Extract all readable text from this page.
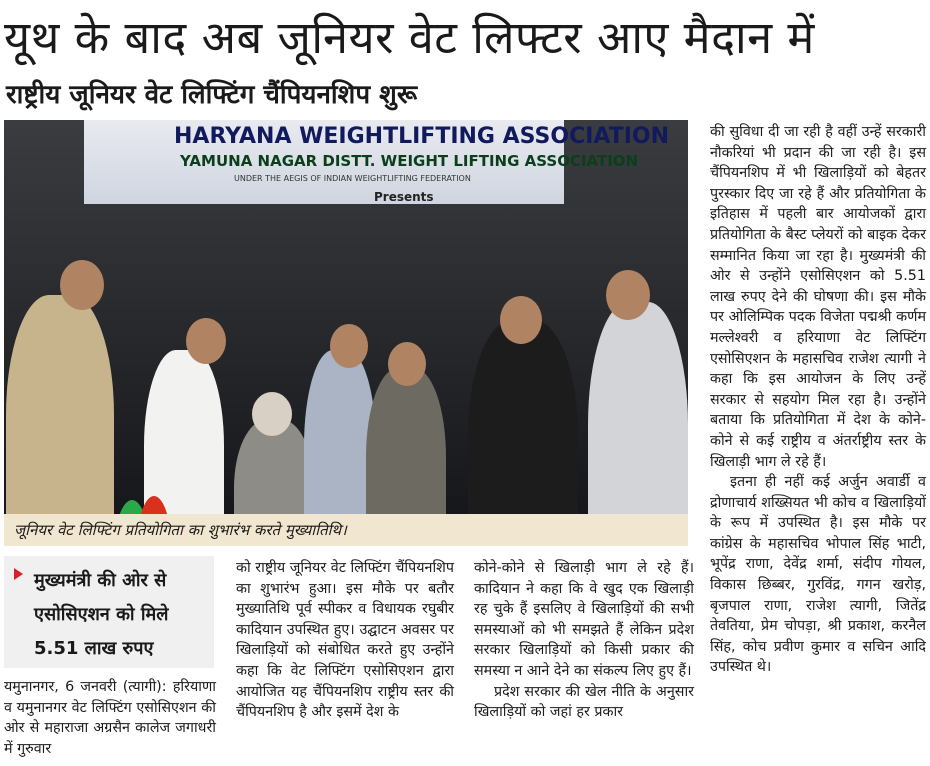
यूथ के बाद अब जूनियर वेट लिफ्टर आए मैदान में
राष्ट्रीय जूनियर वेट लिफ्टिंग चैंपियनशिप शुरू
HARYANA WEIGHTLIFTING ASSOCIATION
YAMUNA NAGAR DISTT. WEIGHT LIFTING ASSOCIATION
UNDER THE AEGIS OF INDIAN WEIGHTLIFTING FEDERATION
Presents
जूनियर वेट लिफ्टिंग प्रतियोगिता का शुभारंभ करते मुख्यातिथि।
मुख्यमंत्री की ओर से
एसोसिएशन को मिले
5.51 लाख रुपए

यमुनानगर, 6 जनवरी (त्यागी): हरियाणा व यमुनानगर वेट लिफ्टिंग एसोसिएशन की ओर से महाराजा अग्रसैन कालेज जगाधरी में गुरुवार

को राष्ट्रीय जूनियर वेट लिफ्टिंग चैंपियनशिप का शुभारंभ हुआ। इस मौके पर बतौर मुख्यातिथि पूर्व स्पीकर व विधायक रघुबीर कादियान उपस्थित हुए। उद्घाटन अवसर पर खिलाड़ियों को संबोधित करते हुए उन्होंने कहा कि वेट लिफ्टिंग एसोसिएशन द्वारा आयोजित यह चैंपियनशिप राष्ट्रीय स्तर की चैंपियनशिप है और इसमें देश के

कोने-कोने से खिलाड़ी भाग ले रहे हैं। कादियान ने कहा कि वे खुद एक खिलाड़ी रह चुके हैं इसलिए वे खिलाड़ियों की सभी समस्याओं को भी समझते हैं लेकिन प्रदेश सरकार खिलाड़ियों को किसी प्रकार की समस्या न आने देने का संकल्प लिए हुए हैं।

प्रदेश सरकार की खेल नीति के अनुसार खिलाड़ियों को जहां हर प्रकार

की सुविधा दी जा रही है वहीं उन्हें सरकारी नौकरियां भी प्रदान की जा रही है। इस चैंपियनशिप में भी खिलाड़ियों को बेहतर पुरस्कार दिए जा रहे हैं और प्रतियोगिता के इतिहास में पहली बार आयोजकों द्वारा प्रतियोगिता के बैस्ट प्लेयरों को बाइक देकर सम्मानित किया जा रहा है। मुख्यमंत्री की ओर से उन्होंने एसोसिएशन को 5.51 लाख रुपए देने की घोषणा की। इस मौके पर ओलिम्पिक पदक विजेता पद्मश्री कर्णम मल्लेश्वरी व हरियाणा वेट लिफ्टिंग एसोसिएशन के महासचिव राजेश त्यागी ने कहा कि इस आयोजन के लिए उन्हें सरकार से सहयोग मिल रहा है। उन्होंने बताया कि प्रतियोगिता में देश के कोने-कोने से कई राष्ट्रीय व अंतर्राष्ट्रीय स्तर के खिलाड़ी भाग ले रहे हैं।

इतना ही नहीं कई अर्जुन अवार्डी व द्रोणाचार्य शख्सियत भी कोच व खिलाड़ियों के रूप में उपस्थित है। इस मौके पर कांग्रेस के महासचिव भोपाल सिंह भाटी, भूपेंद्र राणा, देवेंद्र शर्मा, संदीप गोयल, विकास छिब्बर, गुरविंद्र, गगन खरोड़, बृजपाल राणा, राजेश त्यागी, जितेंद्र तेवतिया, प्रेम चोपड़ा, श्री प्रकाश, करनैल सिंह, कोच प्रवीण कुमार व सचिन आदि उपस्थित थे।
